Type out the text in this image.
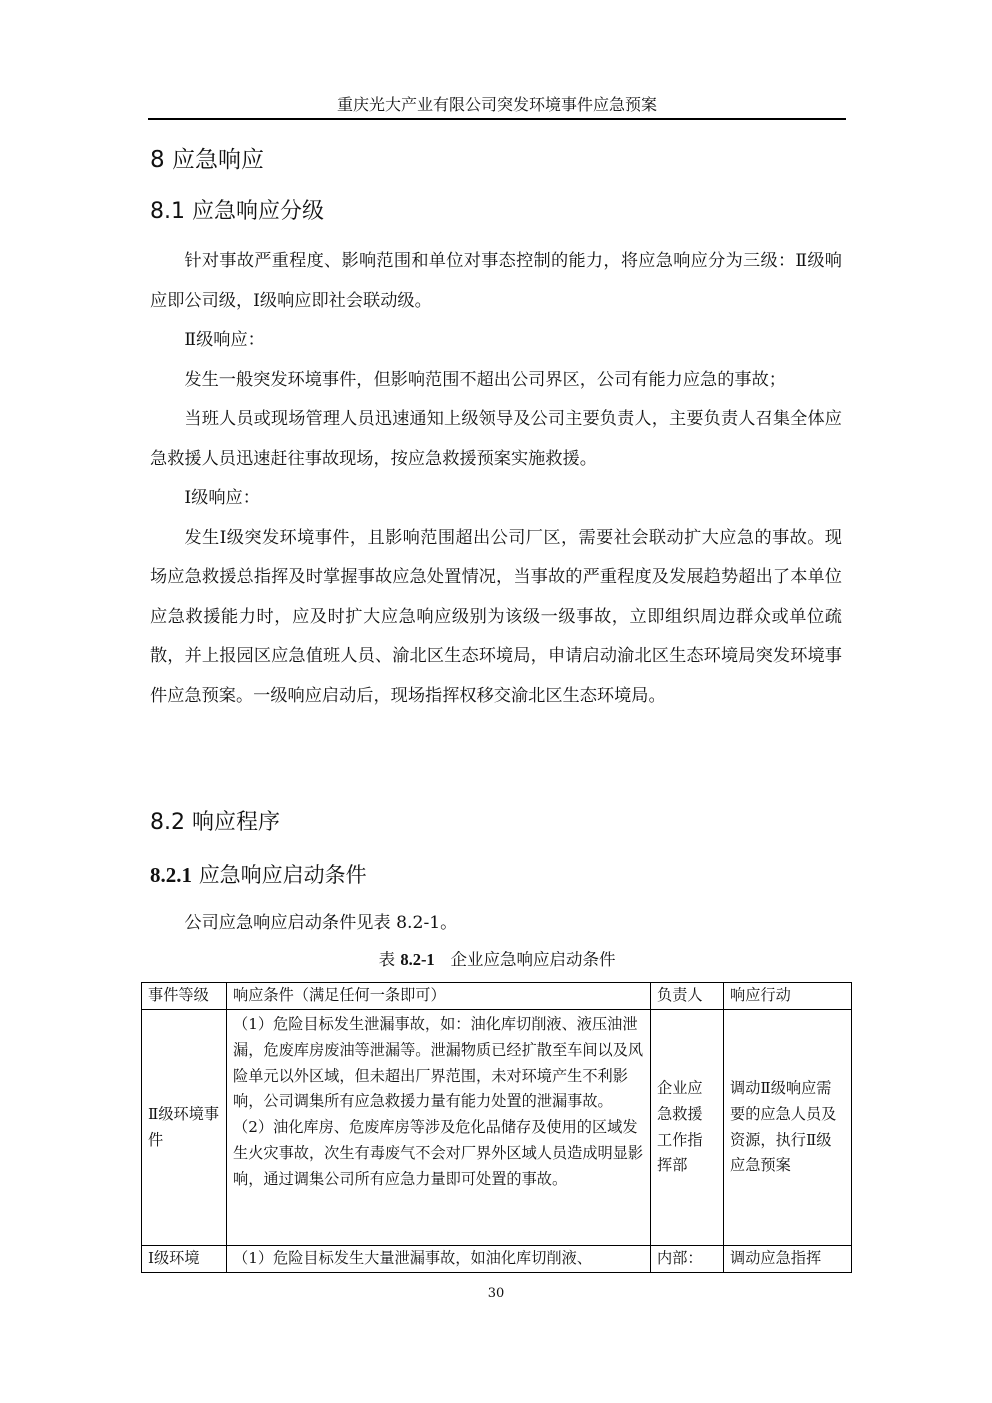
重庆光大产业有限公司突发环境事件应急预案
8 应急响应
8.1 应急响应分级

针对事故严重程度、影响范围和单位对事态控制的能力，将应急响应分为三级：Ⅱ级响应即公司级，Ⅰ级响应即社会联动级。

Ⅱ级响应：

发生一般突发环境事件，但影响范围不超出公司界区，公司有能力应急的事故；

当班人员或现场管理人员迅速通知上级领导及公司主要负责人，主要负责人召集全体应急救援人员迅速赶往事故现场，按应急救援预案实施救援。

Ⅰ级响应：

发生Ⅰ级突发环境事件，且影响范围超出公司厂区，需要社会联动扩大应急的事故。现场应急救援总指挥及时掌握事故应急处置情况，当事故的严重程度及发展趋势超出了本单位应急救援能力时，应及时扩大应急响应级别为该级一级事故，立即组织周边群众或单位疏散，并上报园区应急值班人员、渝北区生态环境局，申请启动渝北区生态环境局突发环境事件应急预案。一级响应启动后，现场指挥权移交渝北区生态环境局。

8.2 响应程序
8.2.1 应急响应启动条件

公司应急响应启动条件见表 8.2-1。

表 8.2-1 企业应急响应启动条件
事件等级	响应条件（满足任何一条即可）	负责人	响应行动
Ⅱ级环境事件	（1）危险目标发生泄漏事故，如：油化库切削液、液压油泄漏，危废库房废油等泄漏等。泄漏物质已经扩散至车间以及风险单元以外区域，但未超出厂界范围，未对环境产生不利影响，公司调集所有应急救援力量有能力处置的泄漏事故。
（2）油化库房、危废库房等涉及危化品储存及使用的区域发生火灾事故，次生有毒废气不会对厂界外区域人员造成明显影响，通过调集公司所有应急力量即可处置的事故。	企业应急救援工作指挥部	调动Ⅱ级响应需要的应急人员及资源，执行Ⅱ级应急预案
Ⅰ级环境	（1）危险目标发生大量泄漏事故，如油化库切削液、	内部：	调动应急指挥
30
